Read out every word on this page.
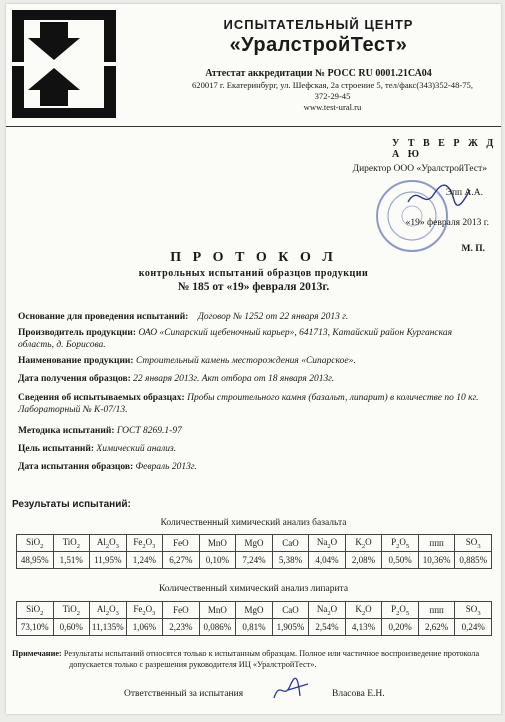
ИСПЫТАТЕЛЬНЫЙ ЦЕНТР
«УралстройТест»
Аттестат аккредитации № РОСС RU 0001.21СА04
620017 г. Екатеринбург, ул. Шефская, 2а строение 5, тел/факс(343)352-48-75,
372-29-45
www.test-ural.ru
У Т В Е Р Ж Д А Ю
Директор ООО «УралстройТест»
Эпп А.А.
«19» февраля 2013 г.
М. П.
П Р О Т О К О Л
контрольных испытаний образцов продукции
№ 185 от «19» февраля 2013г.
Основание для проведения испытаний: Договор № 1252 от 22 января 2013 г.
Производитель продукции: ОАО «Сипарский щебеночный карьер», 641713, Катайский район Курганская область, д. Борисова.
Наименование продукции: Строительный камень месторождения «Сипарское».
Дата получения образцов: 22 января 2013г. Акт отбора от 18 января 2013г.
Сведения об испытываемых образцах: Пробы строительного камня (базальт, липарит) в количестве по 10 кг. Лабораторный № К-07/13.
Методика испытаний: ГОСТ 8269.1-97
Цель испытаний: Химический анализ.
Дата испытания образцов: Февраль 2013г.
Результаты испытаний:
Количественный химический анализ базальта
SiO$_2$	TiO$_2$	$Al_2O_3$	$Fe_2O_3$	FeO	MnO	MgO	CaO	$Na_2O$	$K_2O$	$P_2O_5$	ппп	$SO_3$
48,95%	1,51%	11,95%	1,24%	6,27%	0,10%	7,24%	5,38%	4,04%	2,08%	0,50%	10,36%	0,885%
Количественный химический анализ липарита
SiO$_2$	TiO$_2$	$Al_2O_3$	$Fe_2O_3$	FeO	MnO	MgO	CaO	$Na_2O$	$K_2O$	$P_2O_5$	ппп	$SO_3$
73,10%	0,60%	11,135%	1,06%	2,23%	0,086%	0,81%	1,905%	2,54%	4,13%	0,20%	2,62%	0,24%
Примечание: Результаты испытаний относятся только к испытанным образцам. Полное или частичное воспроизведение протокола
допускается только с разрешения руководителя ИЦ «УралстройТест».
Ответственный за испытания	Власова Е.Н.
